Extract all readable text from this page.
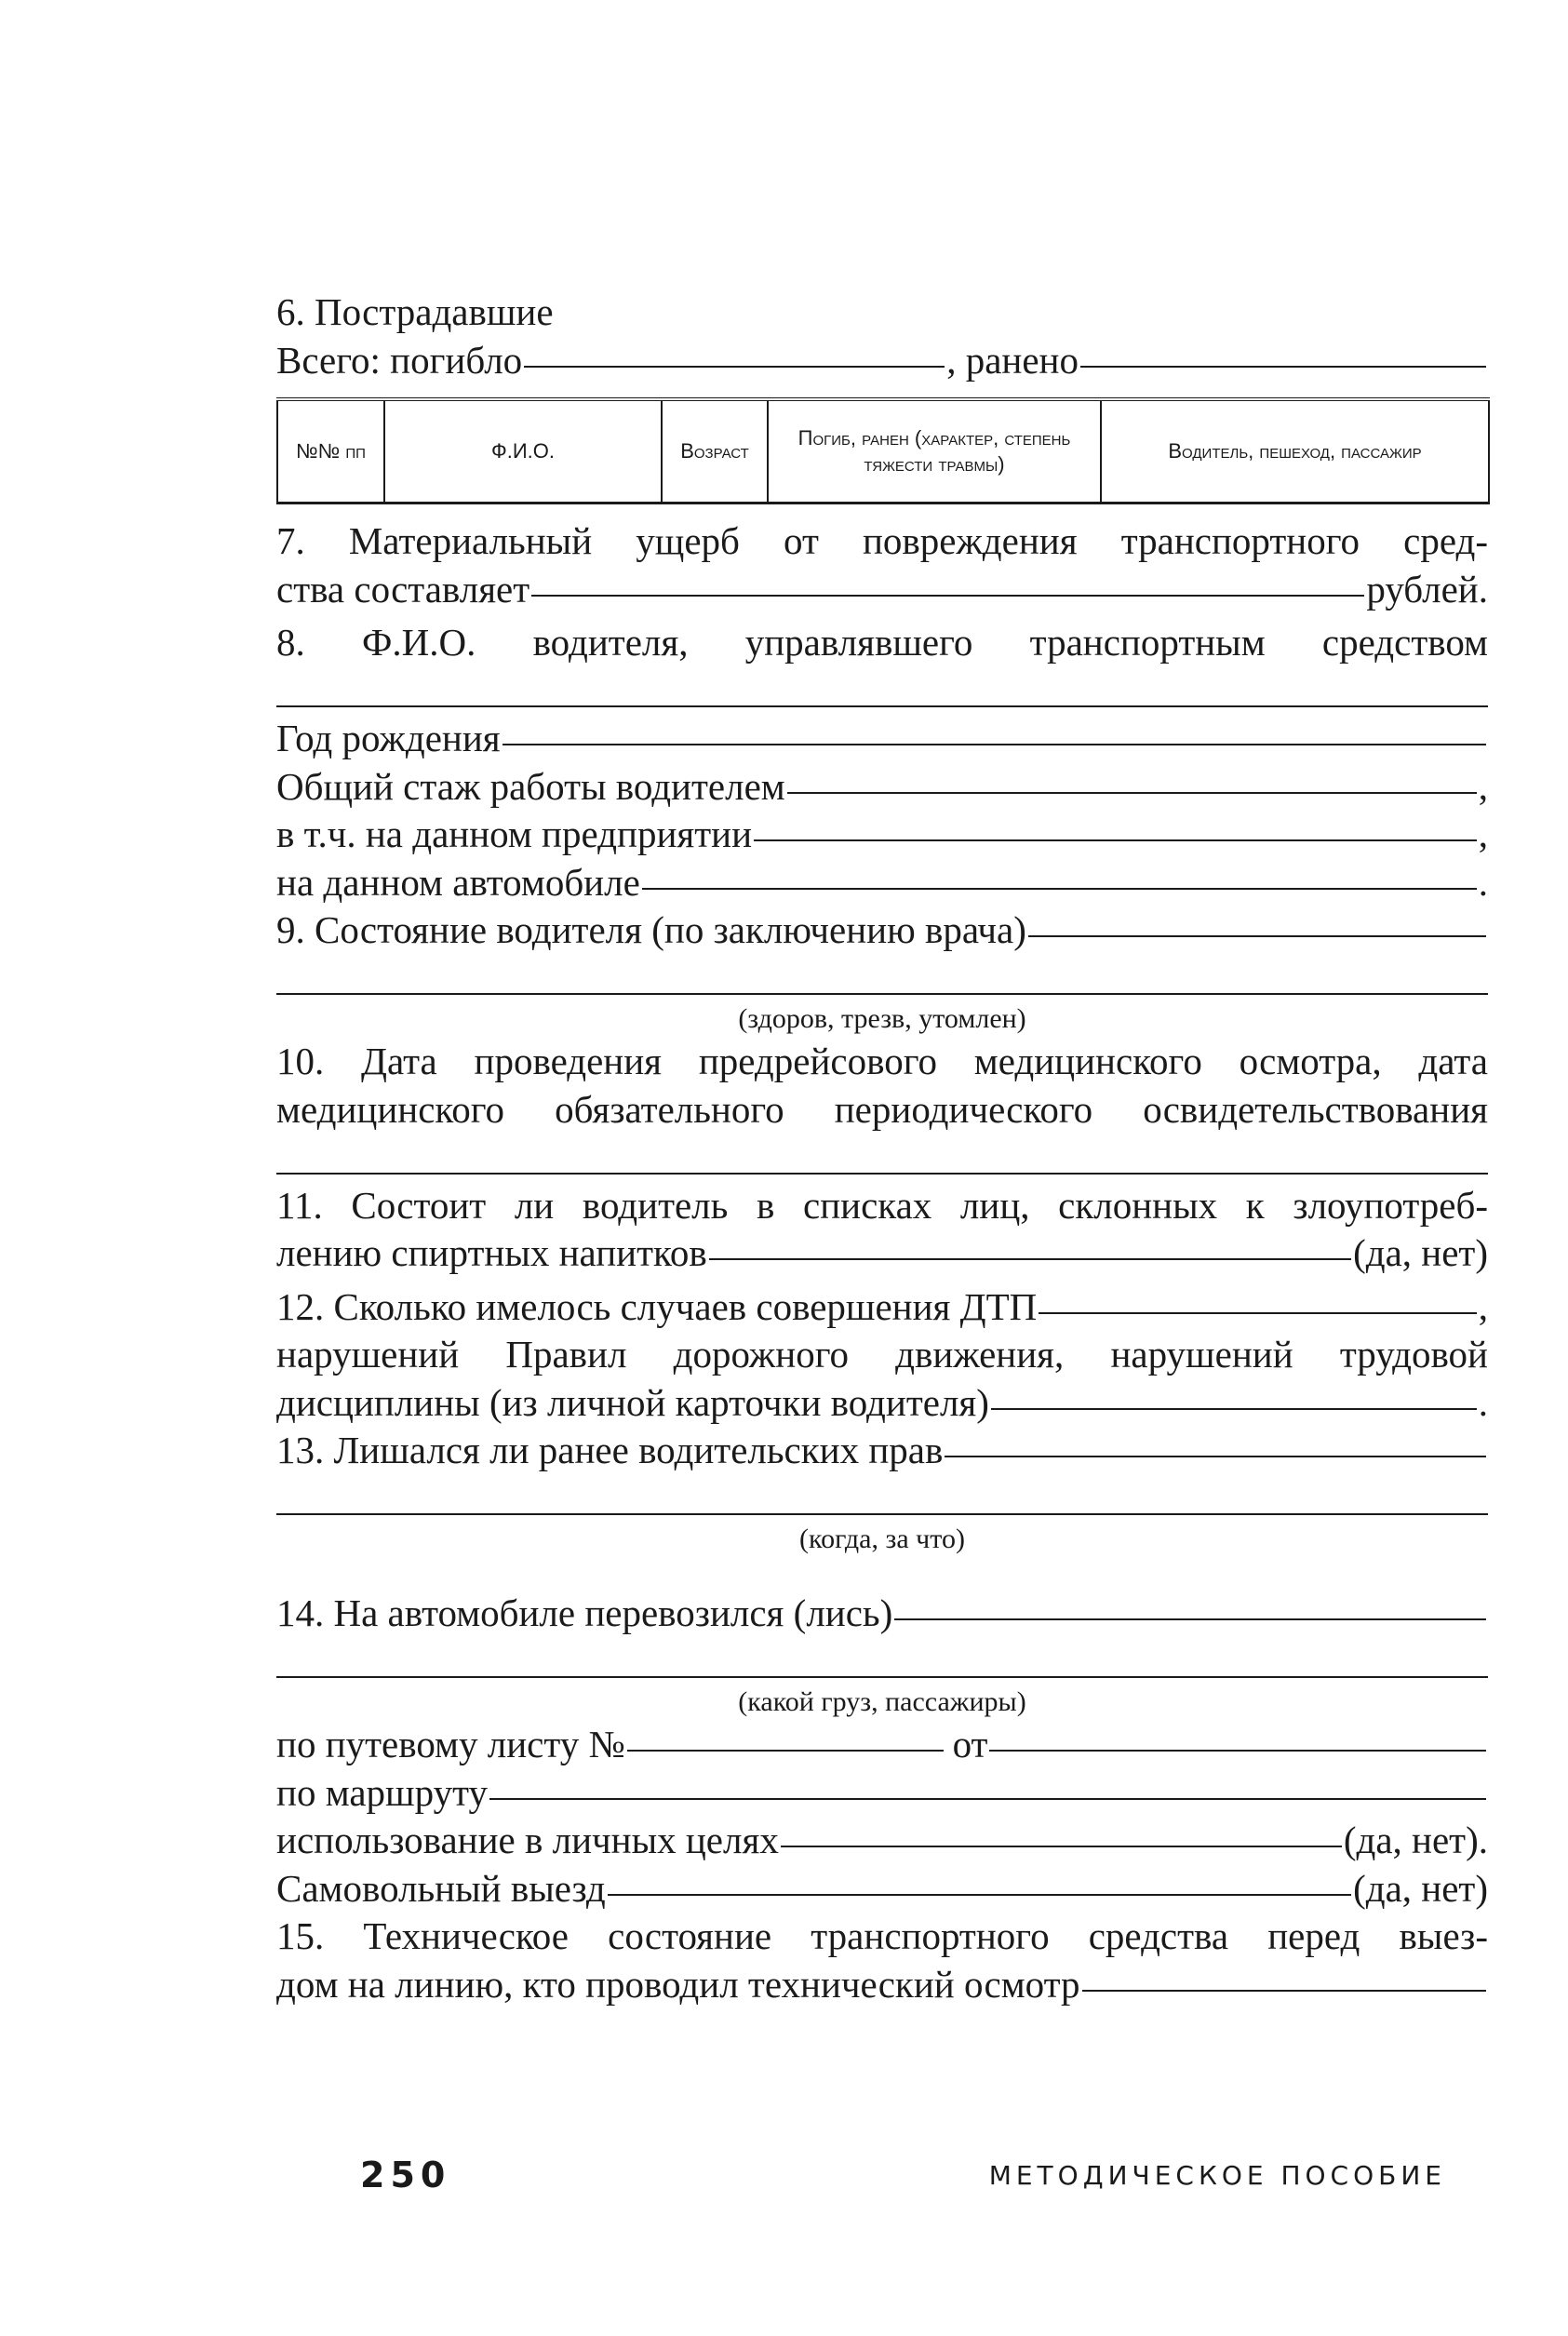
6. Пострадавшие
Всего: погибло	, ранено
№№ пп	Ф.И.О.	Возраст	Погиб, ранен (характер, степень тяжести травмы)	Водитель, пешеход, пассажир
7. Материальный ущерб от повреждения транспортного сред-
ства составляет	рублей.
8. Ф.И.О. водителя, управлявшего транспортным средством
Год рождения
Общий стаж работы водителем	,
в т.ч. на данном предприятии	,
на данном автомобиле	.
9. Состояние водителя (по заключению врача)
(здоров, трезв, утомлен)
10. Дата проведения предрейсового медицинского осмотра, дата
медицинского обязательного периодического освидетельствования
11. Состоит ли водитель в списках лиц, склонных к злоупотреб-
лению спиртных напитков	(да, нет)
12. Сколько имелось случаев совершения ДТП	,
нарушений Правил дорожного движения, нарушений трудовой
дисциплины (из личной карточки водителя)	.
13. Лишался ли ранее водительских прав
(когда, за что)
14. На автомобиле перевозился (лись)
(какой груз, пассажиры)
по путевому листу №	от
по маршруту
использование в личных целях	(да, нет).
Самовольный выезд	(да, нет)
15. Техническое состояние транспортного средства перед выез-
дом на линию, кто проводил технический осмотр
250	МЕТОДИЧЕСКОЕ ПОСОБИЕ
